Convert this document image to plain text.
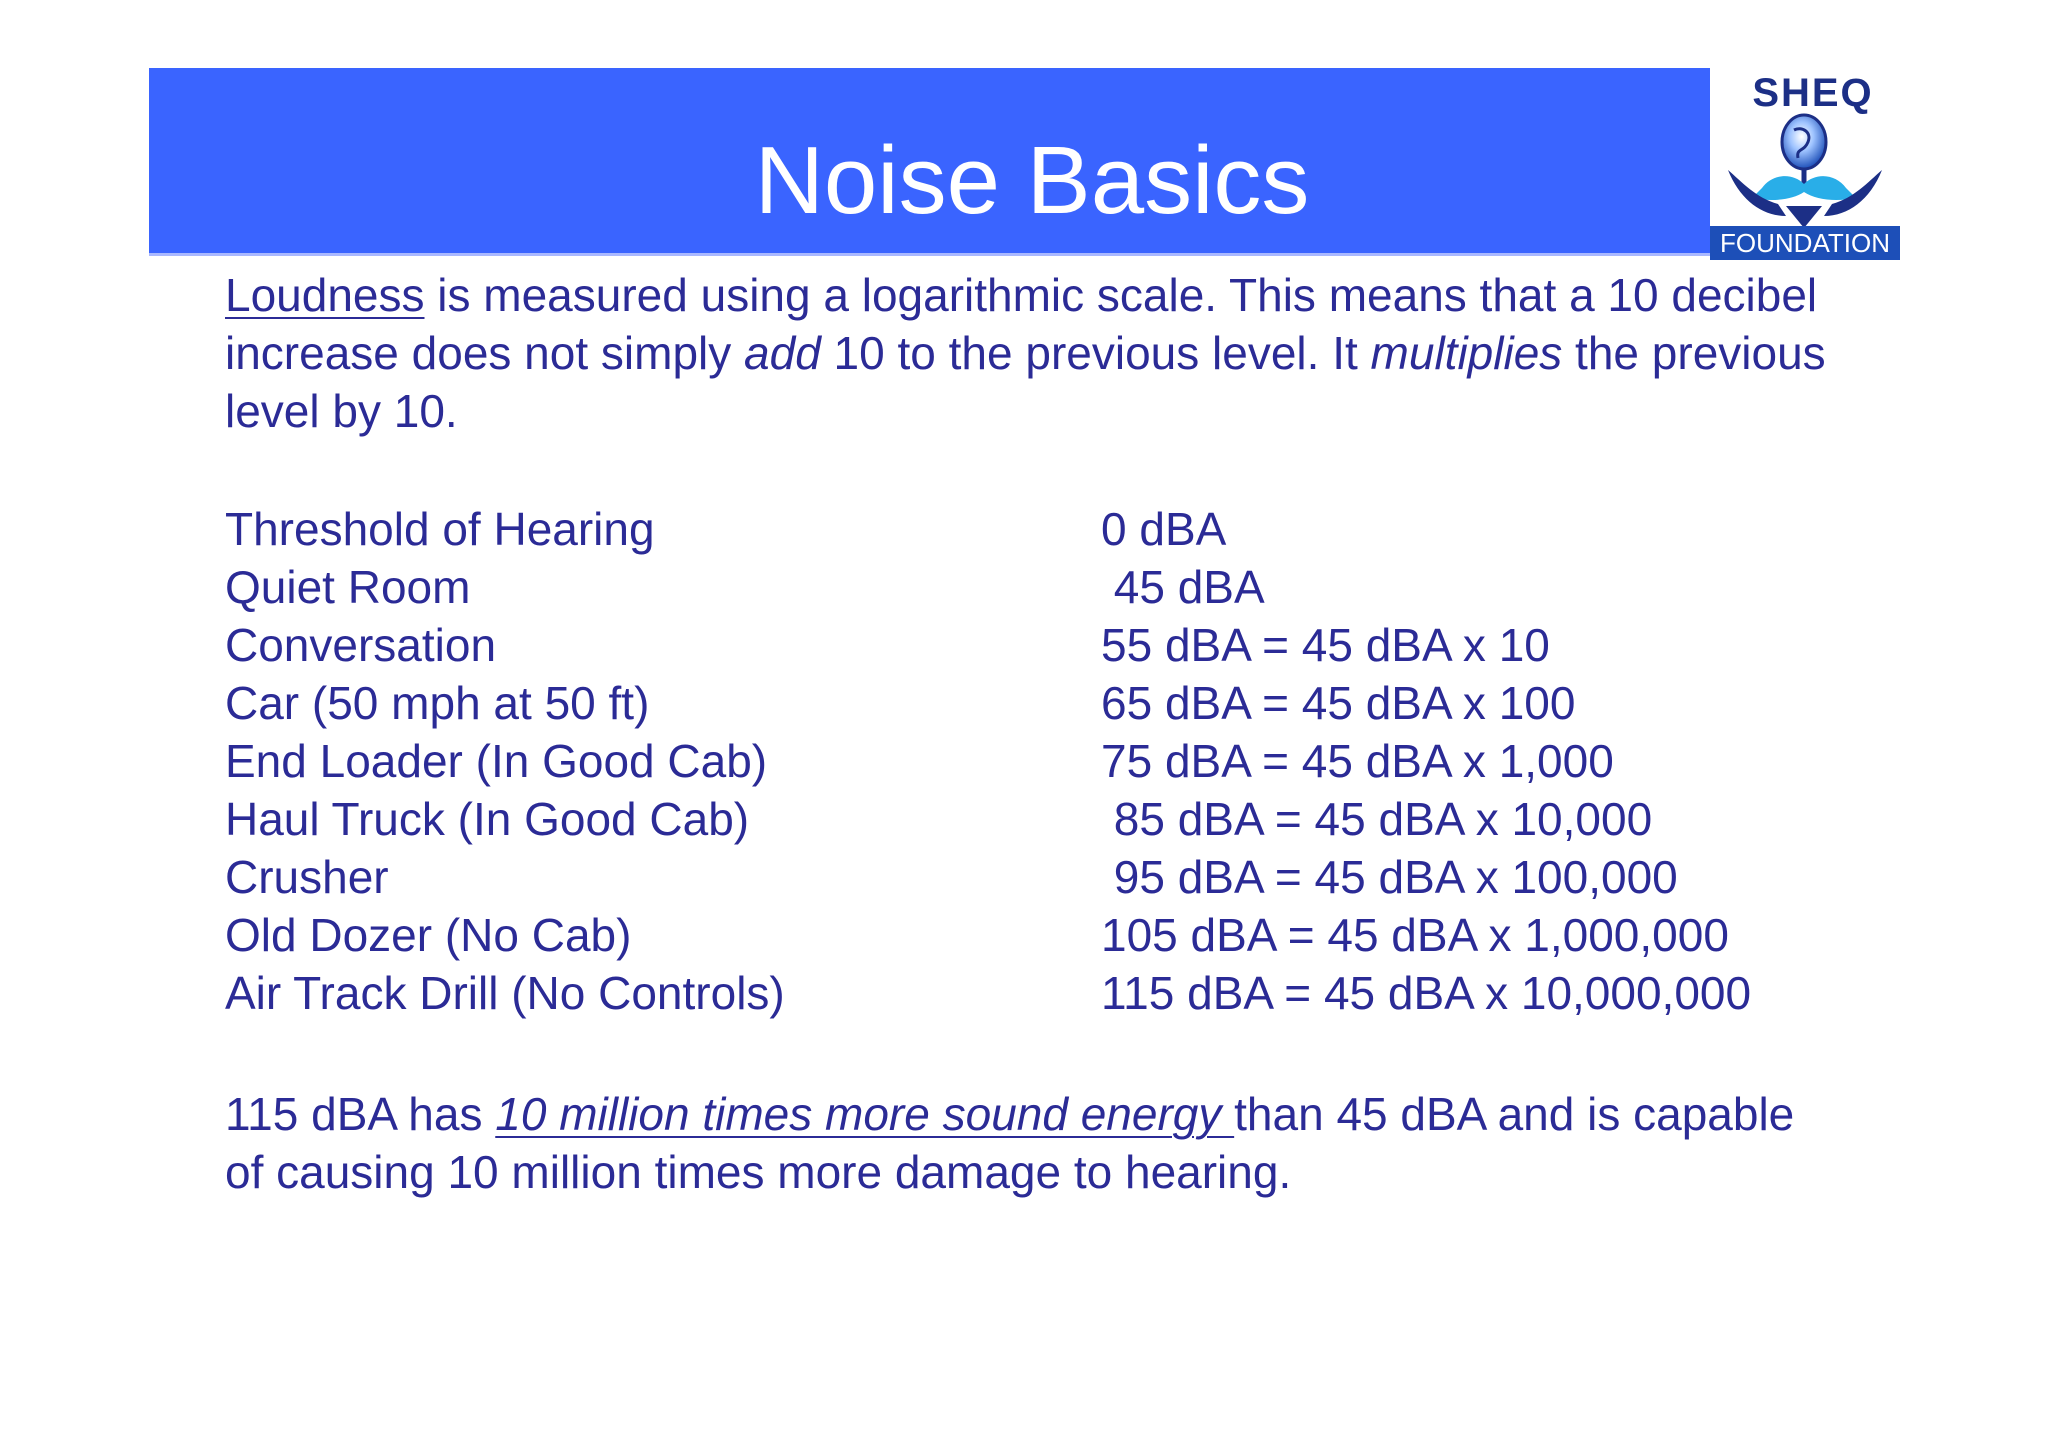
Noise Basics
SHEQ
FOUNDATION

Loudness is measured using a logarithmic scale. This means that a 10 decibel increase does not simply add 10 to the previous level. It multiplies the previous level by 10.

Threshold of Hearing	0 dBA
Quiet Room	45 dBA
Conversation	55 dBA = 45 dBA x 10
Car (50 mph at 50 ft)	65 dBA = 45 dBA x 100
End Loader (In Good Cab)	75 dBA = 45 dBA x 1,000
Haul Truck (In Good Cab)	85 dBA = 45 dBA x 10,000
Crusher	95 dBA = 45 dBA x 100,000
Old Dozer (No Cab)	105 dBA = 45 dBA x 1,000,000
Air Track Drill (No Controls)	115 dBA = 45 dBA x 10,000,000

115 dBA has 10 million times more sound energy than 45 dBA and is capable of causing 10 million times more damage to hearing.
